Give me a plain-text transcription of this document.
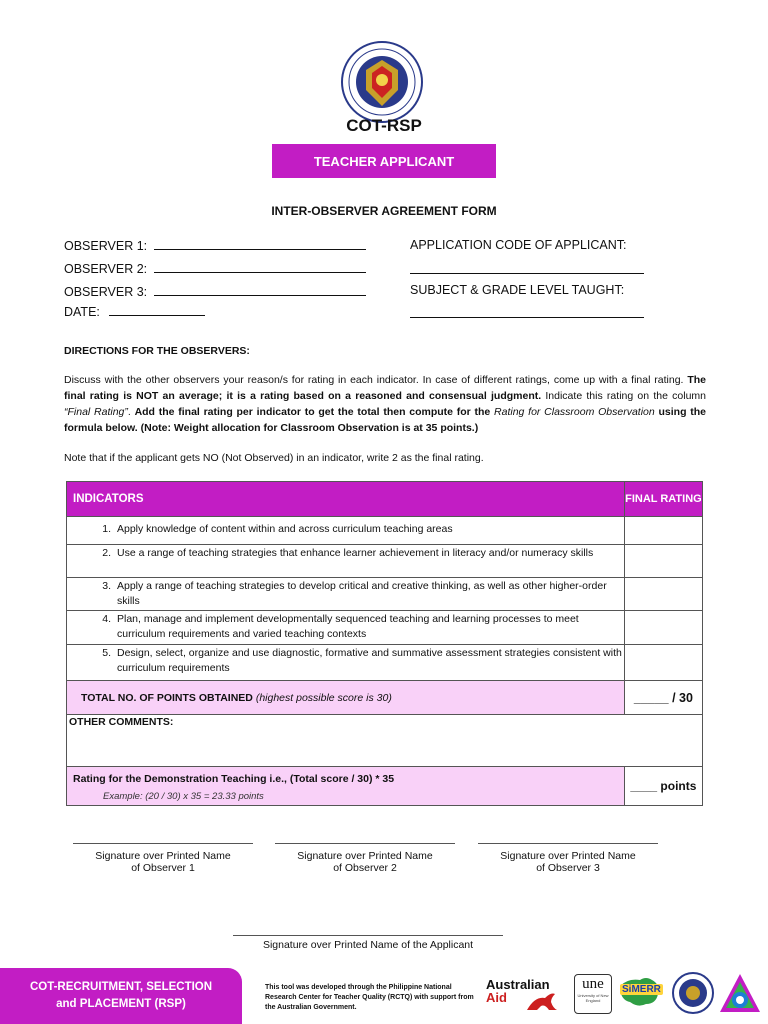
COT-RSP
TEACHER APPLICANT
INTER-OBSERVER AGREEMENT FORM
OBSERVER 1:
OBSERVER 2:
OBSERVER 3:
DATE:
APPLICATION CODE OF APPLICANT:
SUBJECT & GRADE LEVEL TAUGHT:
DIRECTIONS FOR THE OBSERVERS:
Discuss with the other observers your reason/s for rating in each indicator. In case of different ratings, come up with a final rating. The final rating is NOT an average; it is a rating based on a reasoned and consensual judgment. Indicate this rating on the column “Final Rating”. Add the final rating per indicator to get the total then compute for the Rating for Classroom Observation using the formula below. (Note: Weight allocation for Classroom Observation is at 35 points.)
Note that if the applicant gets NO (Not Observed) in an indicator, write 2 as the final rating.
INDICATORS	FINAL RATING
1. Apply knowledge of content within and across curriculum teaching areas	
2. Use a range of teaching strategies that enhance learner achievement in literacy and/or numeracy skills	
3. Apply a range of teaching strategies to develop critical and creative thinking, as well as other higher-order skills	
4. Plan, manage and implement developmentally sequenced teaching and learning processes to meet curriculum requirements and varied teaching contexts	
5. Design, select, organize and use diagnostic, formative and summative assessment strategies consistent with curriculum requirements	
TOTAL NO. OF POINTS OBTAINED (highest possible score is 30)	_____ / 30
OTHER COMMENTS:	

Rating for the Demonstration Teaching i.e., (Total score / 30) * 35
Example: (20 / 30) x 35 = 23.33 points	____ points
Signature over Printed Name
of Observer 1
Signature over Printed Name
of Observer 2
Signature over Printed Name
of Observer 3
Signature over Printed Name of the Applicant
COT-RECRUITMENT, SELECTION
and PLACEMENT (RSP)
This tool was developed through the Philippine National Research Center for Teacher Quality (RCTQ) with support from the Australian Government.
Australian
Aid
une
University of New England
SiMERR
